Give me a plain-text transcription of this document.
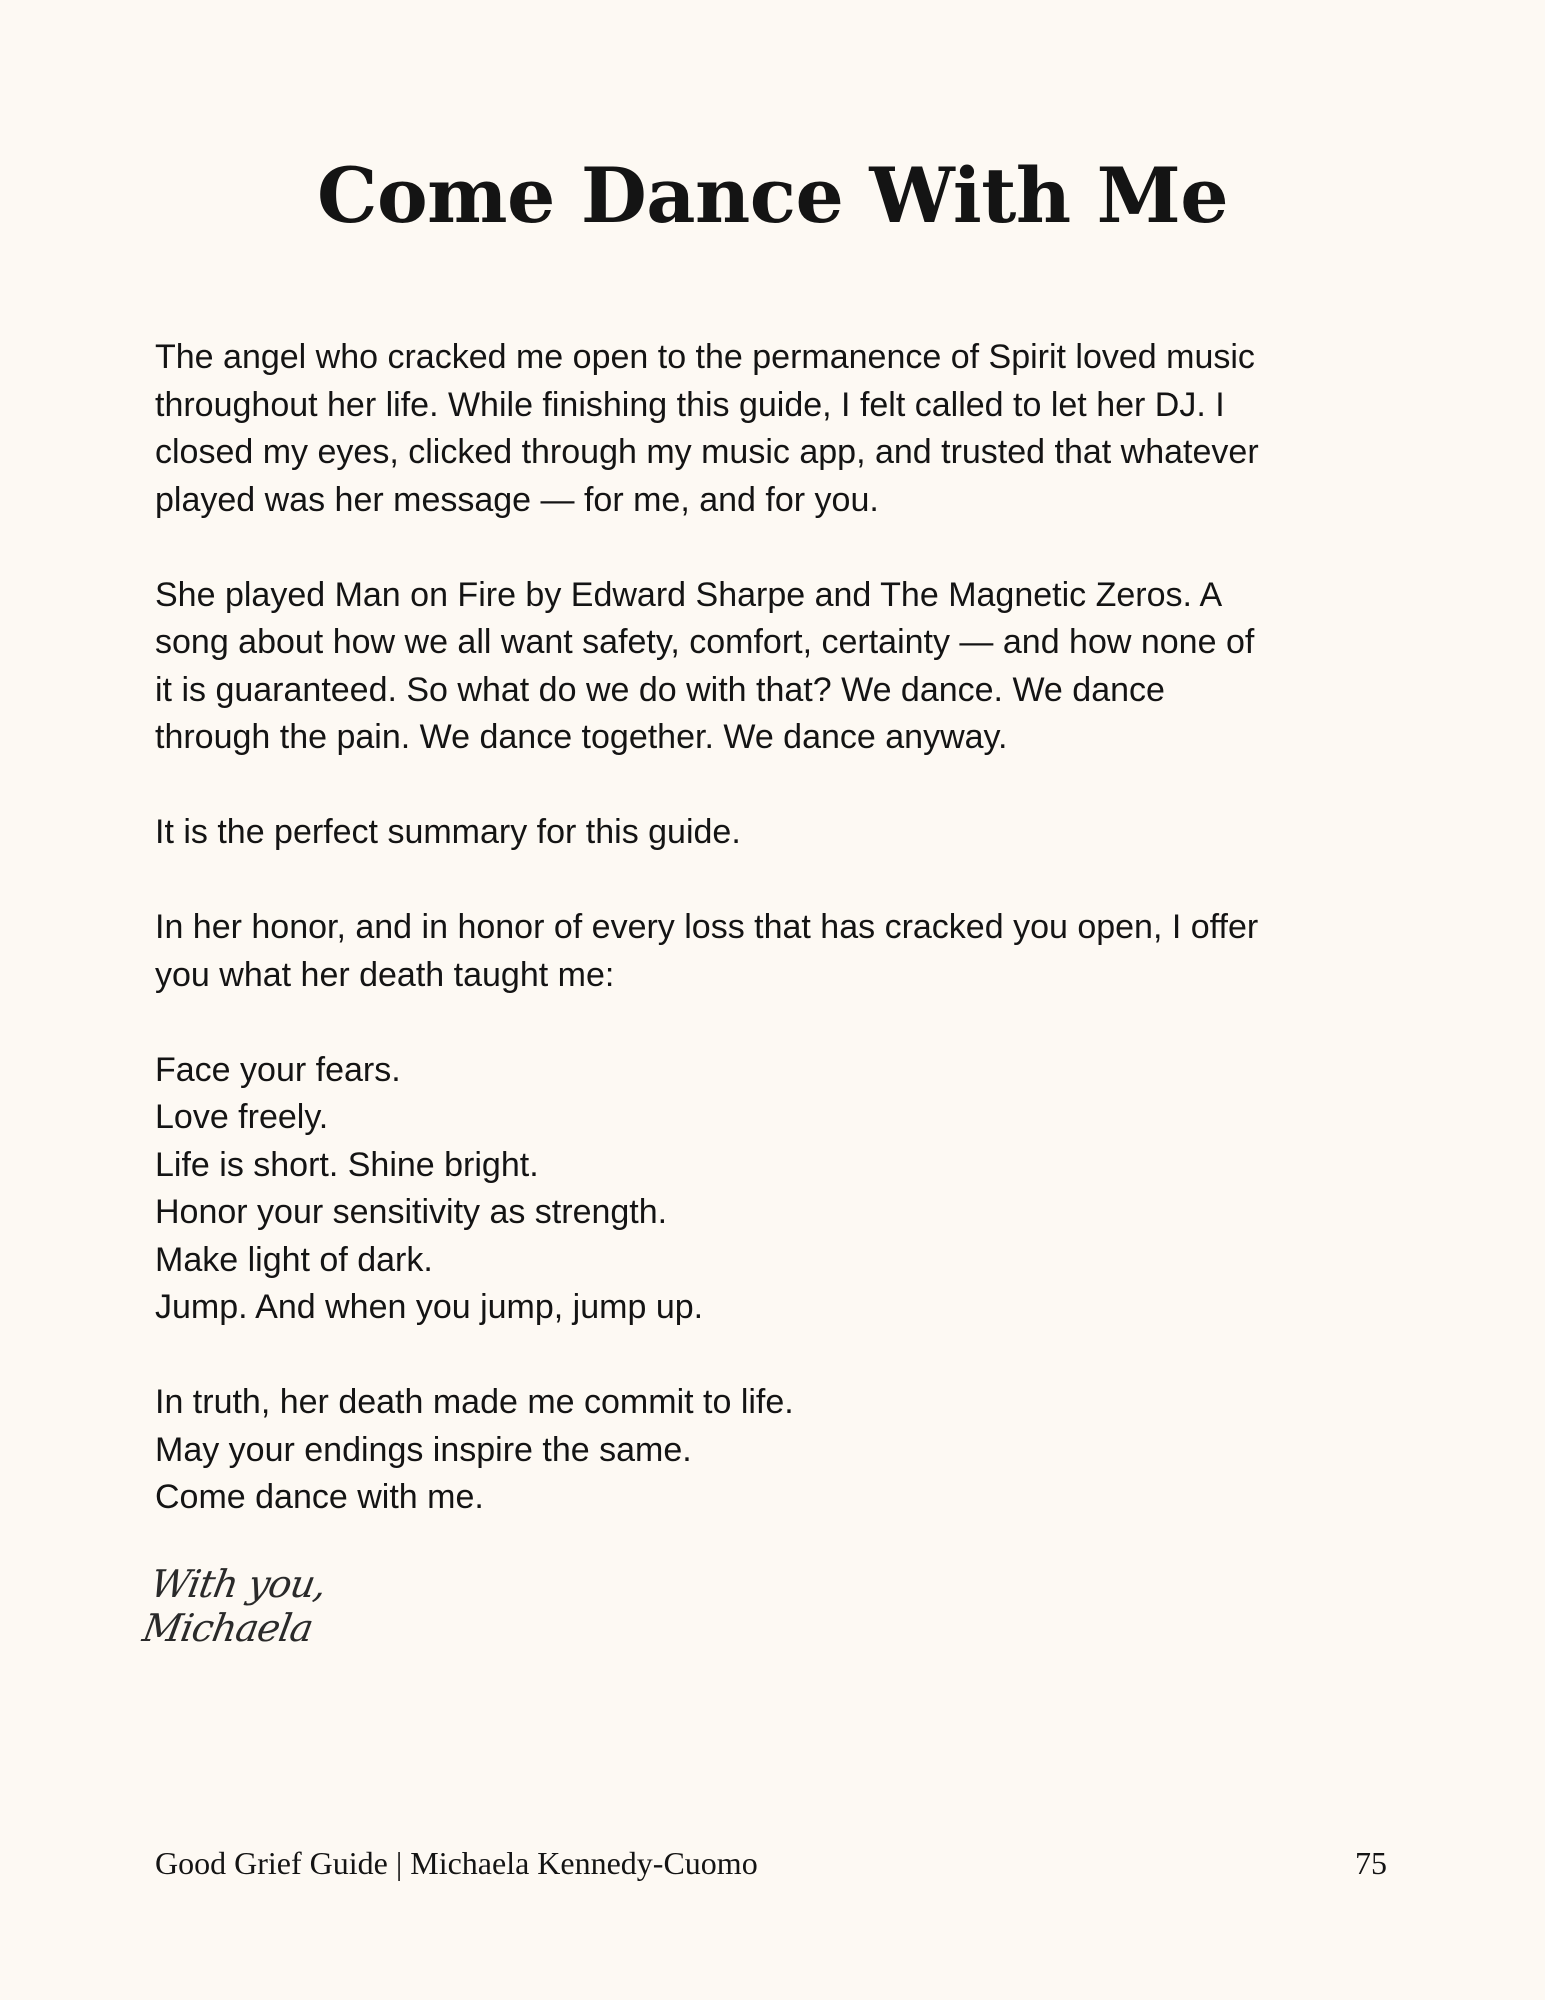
Come Dance With Me

The angel who cracked me open to the permanence of Spirit loved music
throughout her life. While finishing this guide, I felt called to let her DJ. I
closed my eyes, clicked through my music app, and trusted that whatever
played was her message — for me, and for you.

She played Man on Fire by Edward Sharpe and The Magnetic Zeros. A
song about how we all want safety, comfort, certainty — and how none of
it is guaranteed. So what do we do with that? We dance. We dance
through the pain. We dance together. We dance anyway.

It is the perfect summary for this guide.

In her honor, and in honor of every loss that has cracked you open, I offer
you what her death taught me:

Face your fears.
Love freely.
Life is short. Shine bright.
Honor your sensitivity as strength.
Make light of dark.
Jump. And when you jump, jump up.

In truth, her death made me commit to life.
May your endings inspire the same.
Come dance with me.

With you,
Michaela
Good Grief Guide | Michaela Kennedy-Cuomo	75
